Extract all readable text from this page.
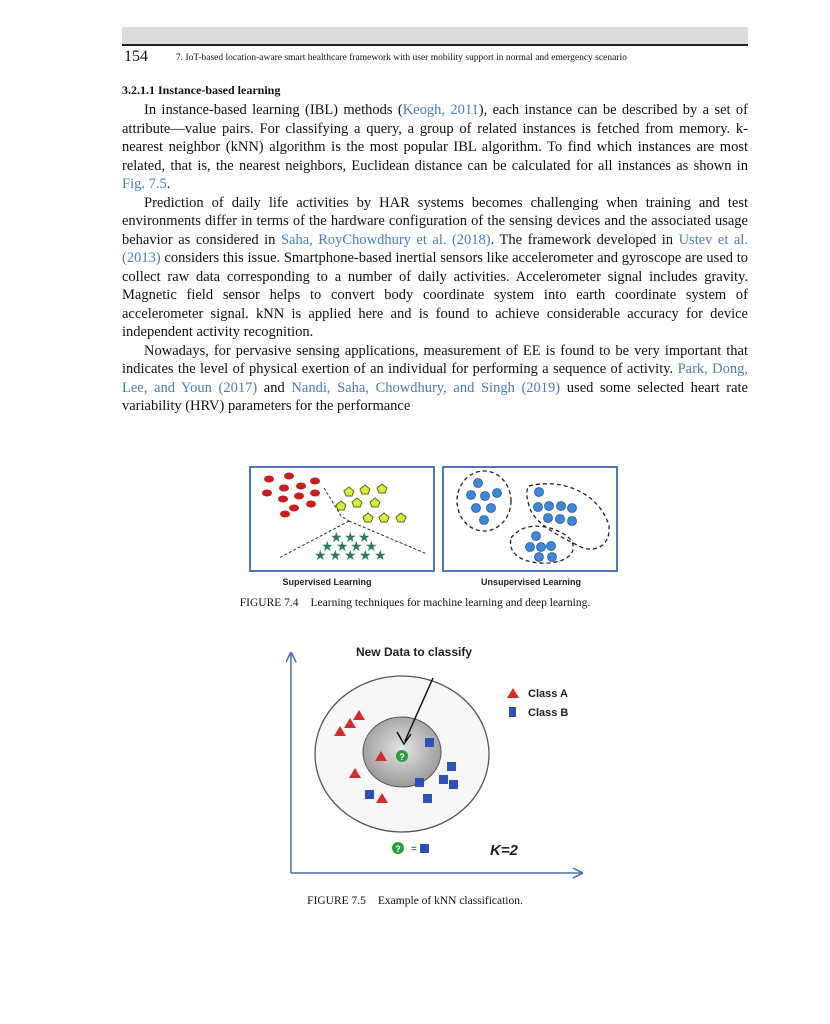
154	7. IoT-based location-aware smart healthcare framework with user mobility support in normal and emergency scenario
3.2.1.1 Instance-based learning

In instance-based learning (IBL) methods (Keogh, 2011), each instance can be described by a set of attribute—value pairs. For classifying a query, a group of related instances is fetched from memory. k-nearest neighbor (kNN) algorithm is the most popular IBL algorithm. To find which instances are most related, that is, the nearest neighbors, Euclidean distance can be calculated for all instances as shown in Fig. 7.5.

Prediction of daily life activities by HAR systems becomes challenging when training and test environments differ in terms of the hardware configuration of the sensing devices and the associated usage behavior as considered in Saha, RoyChowdhury et al. (2018). The framework developed in Ustev et al. (2013) considers this issue. Smartphone-based inertial sensors like accelerometer and gyroscope are used to collect raw data corresponding to a number of daily activities. Accelerometer signal includes gravity. Magnetic field sensor helps to convert body coordinate system into earth coordinate system of accelerometer signal. kNN is applied here and is found to achieve considerable accuracy for device independent activity recognition.

Nowadays, for pervasive sensing applications, measurement of EE is found to be very important that indicates the level of physical exertion of an individual for performing a sequence of activity. Park, Dong, Lee, and Youn (2017) and Nandi, Saha, Chowdhury, and Singh (2019) used some selected heart rate variability (HRV) parameters for the performance

★ ★ ★
★ ★ ★ ★
★ ★ ★ ★ ★
Supervised Learning	Unsupervised Learning
FIGURE 7.4 Learning techniques for machine learning and deep learning.
New Data to classify
?
Class A
Class B
? =	K=2
FIGURE 7.5 Example of kNN classification.
